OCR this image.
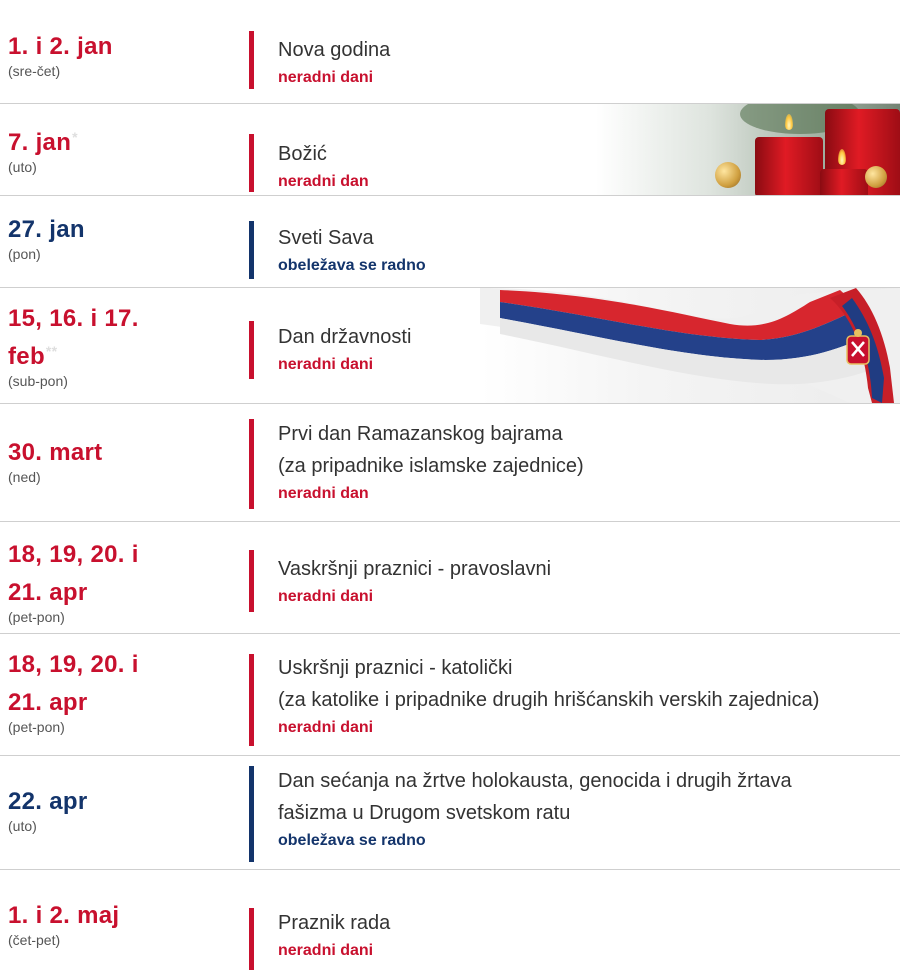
1. i 2. jan
(sre-čet)
Nova godina
neradni dani
7. jan*
(uto)
Božić
neradni dan
27. jan
(pon)
Sveti Sava
obeležava se radno
15, 16. i 17.
feb**
(sub-pon)
Dan državnosti
neradni dani
30. mart
(ned)
Prvi dan Ramazanskog bajrama
(za pripadnike islamske zajednice)
neradni dan
18, 19, 20. i
21. apr
(pet-pon)
Vaskršnji praznici - pravoslavni
neradni dani
18, 19, 20. i
21. apr
(pet-pon)
Uskršnji praznici - katolički
(za katolike i pripadnike drugih hrišćanskih verskih zajednica)
neradni dani
22. apr
(uto)
Dan sećanja na žrtve holokausta, genocida i drugih žrtava
fašizma u Drugom svetskom ratu
obeležava se radno
1. i 2. maj
(čet-pet)
Praznik rada
neradni dani
